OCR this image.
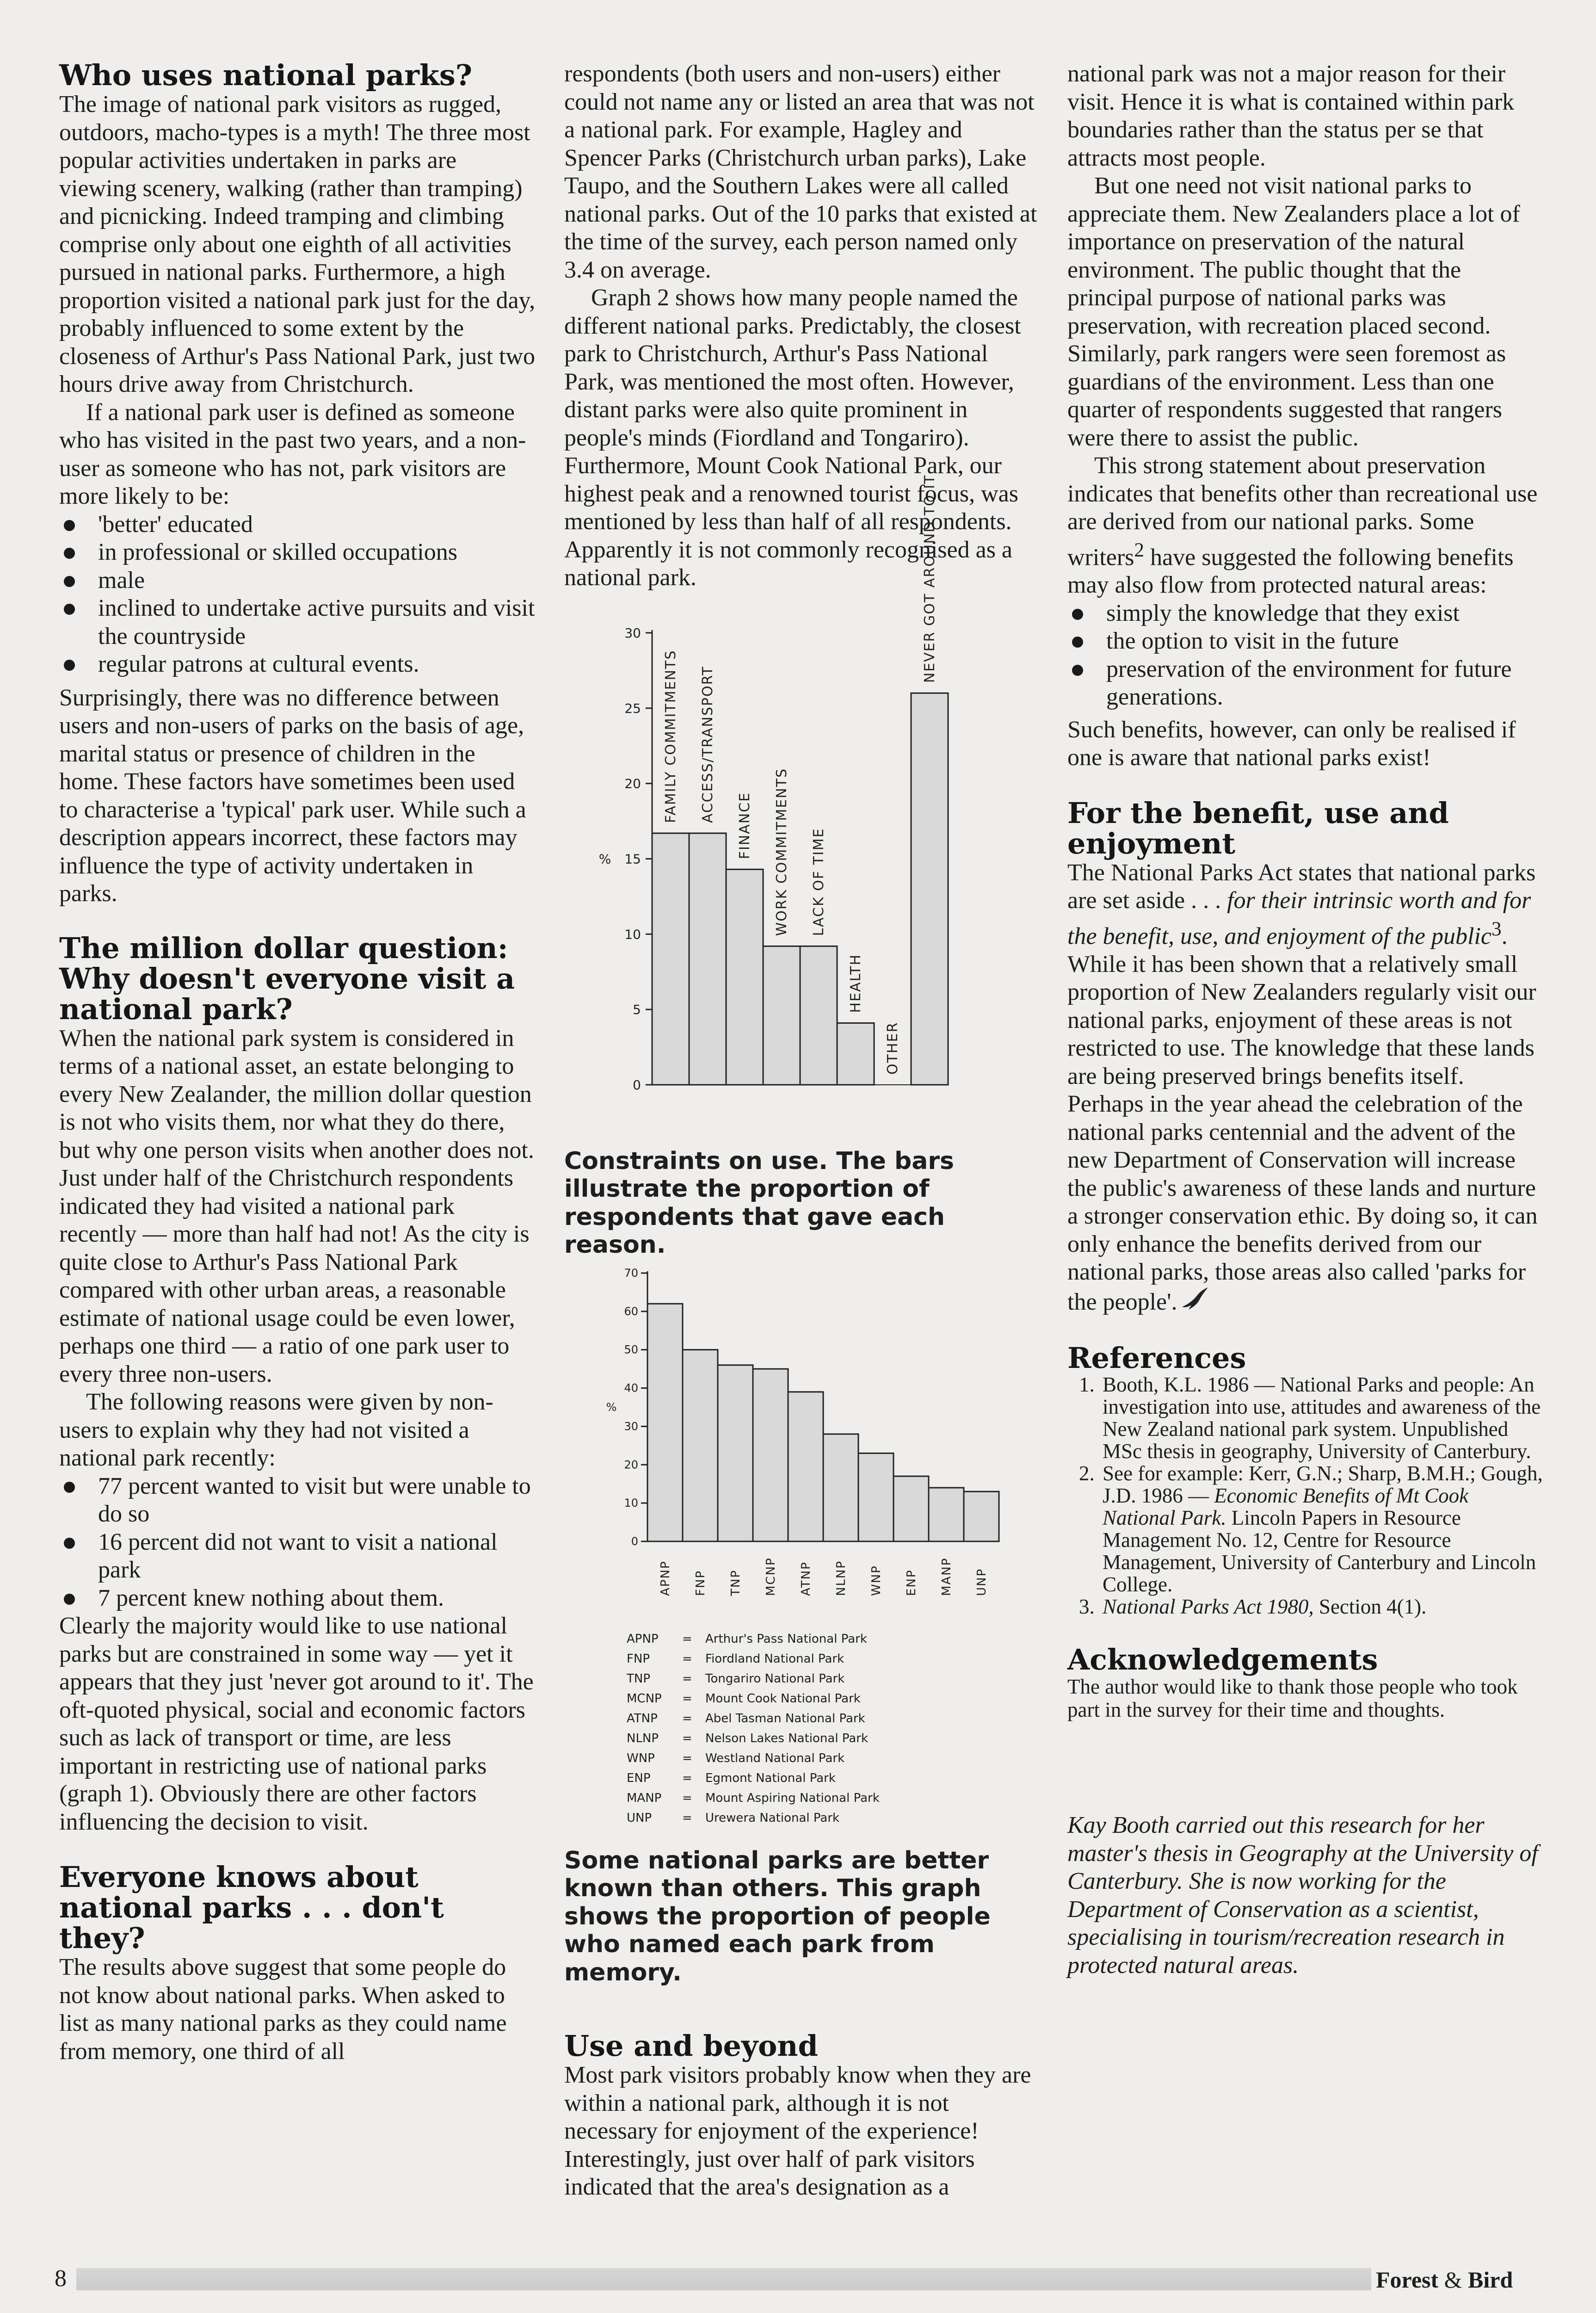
Who uses national parks?

The image of national park visitors as rugged, outdoors, macho-types is a myth! The three most popular activities undertaken in parks are viewing scenery, walking (rather than tramping) and picnicking. Indeed tramping and climbing comprise only about one eighth of all activities pursued in national parks. Furthermore, a high proportion visited a national park just for the day, probably influenced to some extent by the closeness of Arthur's Pass National Park, just two hours drive away from Christchurch.

If a national park user is defined as someone who has visited in the past two years, and a non-user as someone who has not, park visitors are more likely to be:

'better' educated
in professional or skilled occupations
male
inclined to undertake active pursuits and visit the countryside
regular patrons at cultural events.

Surprisingly, there was no difference between users and non-users of parks on the basis of age, marital status or presence of children in the home. These factors have sometimes been used to characterise a 'typical' park user. While such a description appears incorrect, these factors may influence the type of activity undertaken in parks.

The million dollar question: Why doesn't everyone visit a national park?

When the national park system is considered in terms of a national asset, an estate belonging to every New Zealander, the million dollar question is not who visits them, nor what they do there, but why one person visits when another does not. Just under half of the Christchurch respondents indicated they had visited a national park recently — more than half had not! As the city is quite close to Arthur's Pass National Park compared with other urban areas, a reasonable estimate of national usage could be even lower, perhaps one third — a ratio of one park user to every three non-users.

The following reasons were given by non-users to explain why they had not visited a national park recently:

77 percent wanted to visit but were unable to do so
16 percent did not want to visit a national park
7 percent knew nothing about them.

Clearly the majority would like to use national parks but are constrained in some way — yet it appears that they just 'never got around to it'. The oft-quoted physical, social and economic factors such as lack of transport or time, are less important in restricting use of national parks (graph 1). Obviously there are other factors influencing the decision to visit.

Everyone knows about national parks . . . don't they?

The results above suggest that some people do not know about national parks. When asked to list as many national parks as they could name from memory, one third of all

respondents (both users and non-users) either could not name any or listed an area that was not a national park. For example, Hagley and Spencer Parks (Christchurch urban parks), Lake Taupo, and the Southern Lakes were all called national parks. Out of the 10 parks that existed at the time of the survey, each person named only 3.4 on average.

Graph 2 shows how many people named the different national parks. Predictably, the closest park to Christchurch, Arthur's Pass National Park, was mentioned the most often. However, distant parks were also quite prominent in people's minds (Fiordland and Tongariro). Furthermore, Mount Cook National Park, our highest peak and a renowned tourist focus, was mentioned by less than half of all respondents. Apparently it is not commonly recognised as a national park.

0
5
10
15
20
25
30
%
FAMILY COMMITMENTS ACCESS/TRANSPORT
FINANCE WORK COMMITMENTS LACK OF TIME
HEALTH
OTHER
NEVER GOT AROUND TO IT

Constraints on use. The bars illustrate the proportion of respondents that gave each reason.

0
10
20
30
40
50
60
70
%
APNP FNP TNP MCNP ATNP NLNP WNP ENP MANP UNP
APNP = Arthur's Pass National Park
FNP	= Fiordland National Park
TNP	= Tongariro National Park
MCNP = Mount Cook National Park
ATNP = Abel Tasman National Park
NLNP = Nelson Lakes National Park
WNP = Westland National Park
ENP	= Egmont National Park
MANP = Mount Aspiring National Park
UNP	= Urewera National Park

Some national parks are better known than others. This graph shows the proportion of people who named each park from memory.

Use and beyond

Most park visitors probably know when they are within a national park, although it is not necessary for enjoyment of the experience! Interestingly, just over half of park visitors indicated that the area's designation as a

national park was not a major reason for their visit. Hence it is what is contained within park boundaries rather than the status per se that attracts most people.

But one need not visit national parks to appreciate them. New Zealanders place a lot of importance on preservation of the natural environment. The public thought that the principal purpose of national parks was preservation, with recreation placed second. Similarly, park rangers were seen foremost as guardians of the environment. Less than one quarter of respondents suggested that rangers were there to assist the public.

This strong statement about preservation indicates that benefits other than recreational use are derived from our national parks. Some writers$^2$ have suggested the following benefits may also flow from protected natural areas:

simply the knowledge that they exist
the option to visit in the future
preservation of the environment for future generations.

Such benefits, however, can only be realised if one is aware that national parks exist!

For the benefit, use and enjoyment

The National Parks Act states that national parks are set aside . . . for their intrinsic worth and for the benefit, use, and enjoyment of the public$^3$. While it has been shown that a relatively small proportion of New Zealanders regularly visit our national parks, enjoyment of these areas is not restricted to use. The knowledge that these lands are being preserved brings benefits itself. Perhaps in the year ahead the celebration of the national parks centennial and the advent of the new Department of Conservation will increase the public's awareness of these lands and nurture a stronger conservation ethic. By doing so, it can only enhance the benefits derived from our national parks, those areas also called 'parks for the people'.

References
1. Booth, K.L. 1986 — National Parks and people: An investigation into use, attitudes and awareness of the New Zealand national park system. Unpublished MSc thesis in geography, University of Canterbury.
2. See for example: Kerr, G.N.; Sharp, B.M.H.; Gough, J.D. 1986 — Economic Benefits of Mt Cook National Park. Lincoln Papers in Resource Management No. 12, Centre for Resource Management, University of Canterbury and Lincoln College.
3. National Parks Act 1980, Section 4(1).
Acknowledgements

The author would like to thank those people who took part in the survey for their time and thoughts.

Kay Booth carried out this research for her master's thesis in Geography at the University of Canterbury. She is now working for the Department of Conservation as a scientist, specialising in tourism/recreation research in protected natural areas.

8	Forest & Bird
